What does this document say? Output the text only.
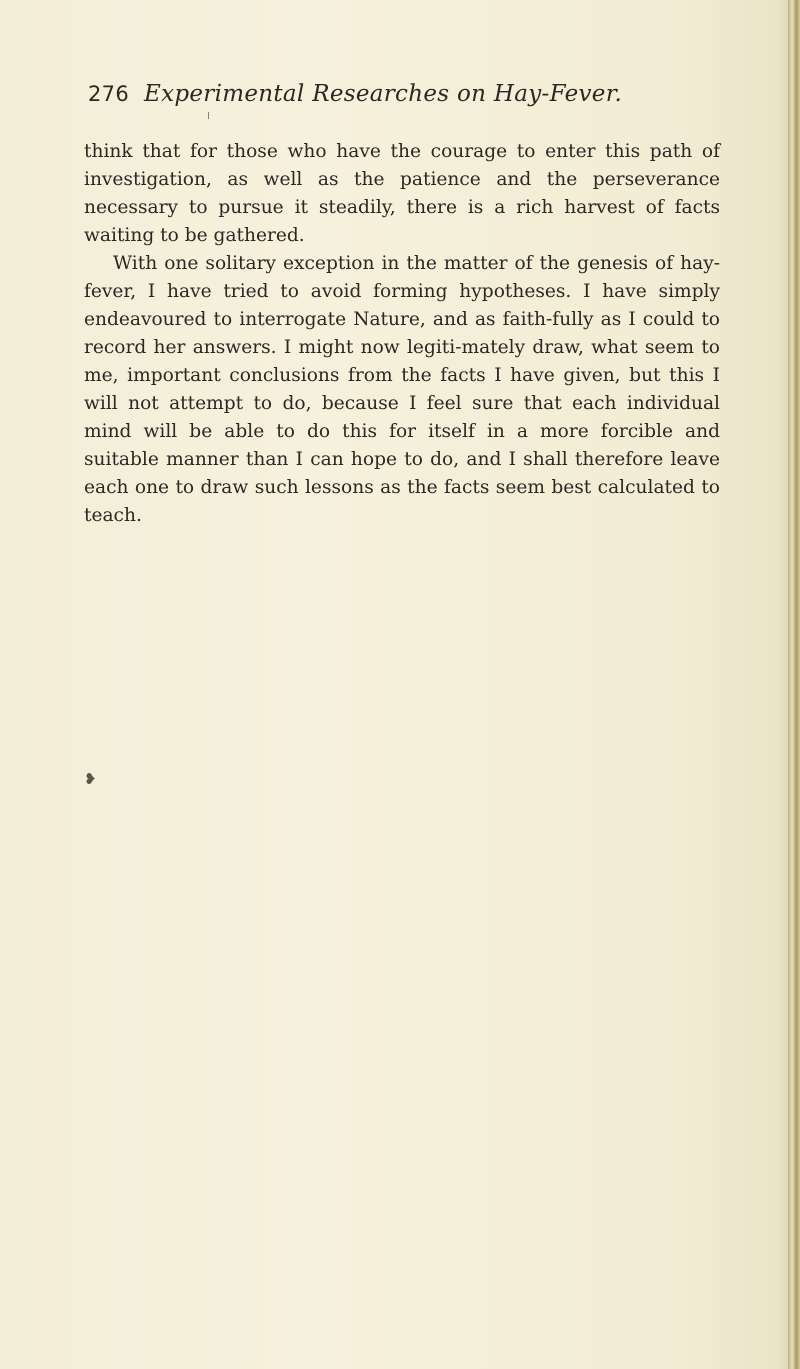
276 Experimental Researches on Hay-Fever.

think that for those who have the courage to enter this path of investigation, as well as the patience and the perseverance necessary to pursue it steadily, there is a rich harvest of facts waiting to be gathered.

With one solitary exception in the matter of the genesis of hay-fever, I have tried to avoid forming hypotheses. I have simply endeavoured to interrogate Nature, and as faith-fully as I could to record her answers. I might now legiti-mately draw, what seem to me, important conclusions from the facts I have given, but this I will not attempt to do, because I feel sure that each individual mind will be able to do this for itself in a more forcible and suitable manner than I can hope to do, and I shall therefore leave each one to draw such lessons as the facts seem best calculated to teach.

❥
